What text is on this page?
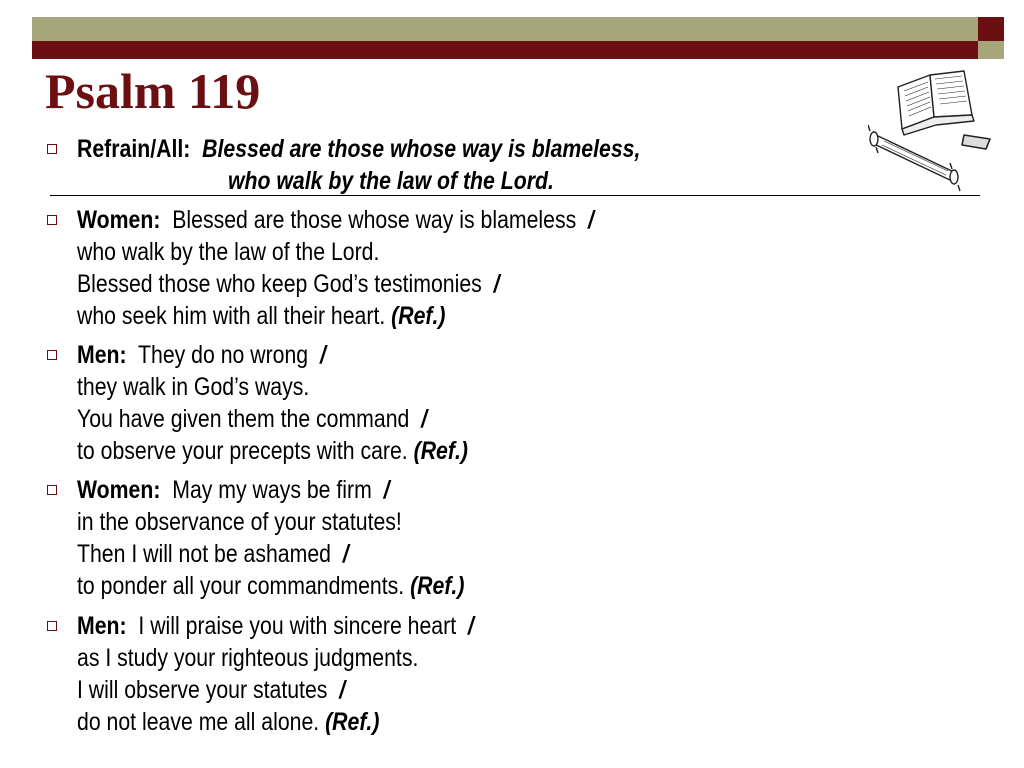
Psalm 119
Refrain/All: Blessed are those whose way is blameless,
who walk by the law of the Lord.
Women: Blessed are those whose way is blameless /
who walk by the law of the Lord.
Blessed those who keep God’s testimonies /
who seek him with all their heart. (Ref.)
Men: They do no wrong /
they walk in God’s ways.
You have given them the command /
to observe your precepts with care. (Ref.)
Women: May my ways be firm /
in the observance of your statutes!
Then I will not be ashamed /
to ponder all your commandments. (Ref.)
Men: I will praise you with sincere heart /
as I study your righteous judgments.
I will observe your statutes /
do not leave me all alone. (Ref.)
